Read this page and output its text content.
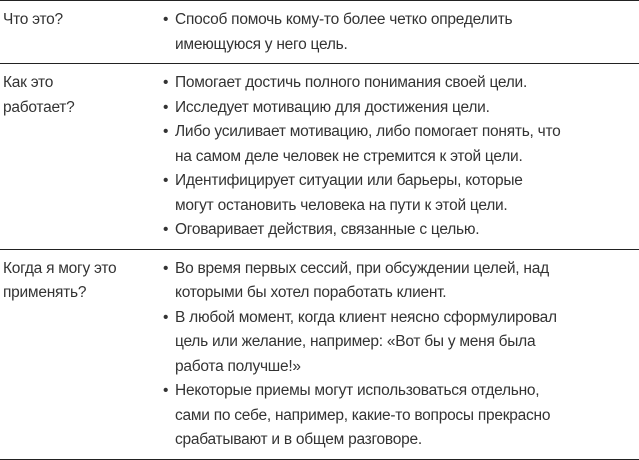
Что это?	• Способ помочь кому-то более четко определить
имеющуюся у него цель.
Как это
работает?
• Помогает достичь полного понимания своей цели.
• Исследует мотивацию для достижения цели.
• Либо усиливает мотивацию, либо помогает понять, что
на самом деле человек не стремится к этой цели.
• Идентифицирует ситуации или барьеры, которые
могут остановить человека на пути к этой цели.
• Оговаривает действия, связанные с целью.
Когда я могу это
применять?
• Во время первых сессий, при обсуждении целей, над
которыми бы хотел поработать клиент.
• В любой момент, когда клиент неясно сформулировал
цель или желание, например: «Вот бы у меня была
работа получше!»
• Некоторые приемы могут использоваться отдельно,
сами по себе, например, какие-то вопросы прекрасно
срабатывают и в общем разговоре.
